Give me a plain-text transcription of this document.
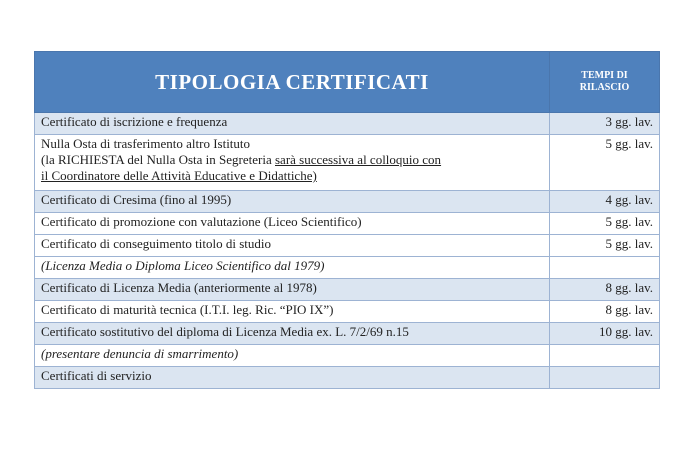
TIPOLOGIA CERTIFICATI	TEMPI DI
RILASCIO
Certificato di iscrizione e frequenza	3 gg. lav.
Nulla Osta di trasferimento altro Istituto
(la RICHIESTA del Nulla Osta in Segreteria sarà successiva al colloquio con
il Coordinatore delle Attività Educative e Didattiche)	5 gg. lav.
Certificato di Cresima (fino al 1995)	4 gg. lav.
Certificato di promozione con valutazione (Liceo Scientifico)	5 gg. lav.
Certificato di conseguimento titolo di studio	5 gg. lav.
(Licenza Media o Diploma Liceo Scientifico dal 1979)	
Certificato di Licenza Media (anteriormente al 1978)	8 gg. lav.
Certificato di maturità tecnica (I.T.I. leg. Ric. “PIO IX”)	8 gg. lav.
Certificato sostitutivo del diploma di Licenza Media ex. L. 7/2/69 n.15	10 gg. lav.
(presentare denuncia di smarrimento)	
Certificati di servizio	
